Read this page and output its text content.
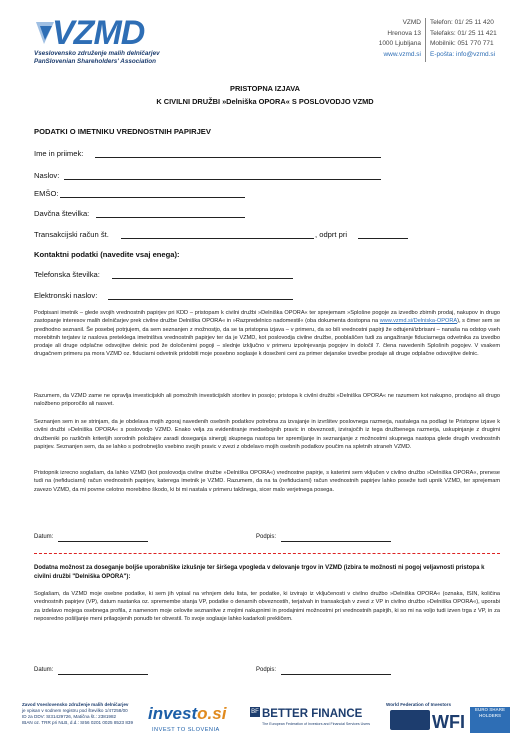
VZMD
Vseslovensko združenje malih delničarjev
PanSlovenian Shareholders' Association
VZMD
Hrenova 13
1000 Ljubljana
www.vzmd.si
Telefon: 01/ 25 11 420
Telefaks: 01/ 25 11 421
Mobilnik: 051 770 771
E-pošta: info@vzmd.si
PRISTOPNA IZJAVA
K CIVILNI DRUŽBI »Delniška OPORA« S POSLOVODJO VZMD
PODATKI O IMETNIKU VREDNOSTNIH PAPIRJEV
Ime in priimek:
Naslov:
EMŠO:
Davčna številka:
Transakcijski račun št.	, odprt pri
Kontaktni podatki (navedite vsaj enega):
Telefonska številka:
Elektronski naslov:
Podpisani imetnik – glede svojih vrednostnih papirjev pri KDD – pristopam k civilni družbi »Delniška OPORA« ter sprejemam »Splošne pogoje za izvedbo zbirnih prodaj, nakupov in drugo zastopanje interesov malih delničarjev prek civilne družbe Delniška OPORA« in »Razpredelnico nadomestil« (oba dokumenta dostopna na www.vzmd.si/Delniska-OPORA), s čimer sem se predhodno seznanil. Še posebej potrjujem, da sem seznanjen z možnostjo, da se ta pristopna izjava – v primeru, da so bili vrednostni papirji že odtujeni/izbrisani – nanaša na odstop vseh morebitnih terjatev iz naslova preteklega imetništva vrednostnih papirjev ter da je VZMD, kot poslovodja civilne družbe, pooblaščen tudi za angažiranje fiduciarnega odvetnika za izvedbo prodaje ali druge odplačne odsvojitve delnic pod že določenimi pogoji – slednje izključno v primeru izpolnjevanja pogojev in določil 7. člena navedenih Splošnih pogojev. V vsakem drugačnem primeru pa mora VZMD oz. fiduciarni odvetnik pridobiti moje posebno soglasje k doseženi ceni za primer dejanske izvedbe prodaje ali druge odplačne odsvojitve delnic.
Razumem, da VZMD zame ne opravlja investicijskih ali pomožnih investicijskih storitev in posojo; pristopa k civilni družbi »Delniška OPORA« ne razumem kot nakupno, prodajno ali drugo naložbeno priporočilo ali nasvet.
Seznanjen sem in se strinjam, da je obdelava mojih zgoraj navedenih osebnih podatkov potrebna za izvajanje in izvršitev poslovnega razmerja, nastalega na podlagi te Pristopne izjave k civilni družbi »Delniška OPORA« s poslovodjo VZMD. Enako velja za evidentiranje medsebojnih pravic in obveznosti, izvirajočih iz tega družbenega razmerja, uskupinjanje z drugimi družbeniki po različnih kriterijih sorodnih položajev zaradi doseganja sinergij skupnega nastopa ter spremljanje in seznanjanje z možnostmi skupnega nastopa glede drugih vrednostnih papirjev. Seznanjen sem, da se lahko s podrobnejšo vsebino svojih pravic v zvezi z obdelavo mojih osebnih podatkov poučim na spletnih straneh VZMD.
Pristopnik izrecno soglašam, da lahko VZMD (kot poslovodja civilne družbe »Delniška OPORA«) vrednostne papirje, s katerimi sem vključen v civilno družbo »Delniška OPORA«, prenese tudi na (nefiduciarni) račun vrednostnih papirjev, katerega imetnik je VZMD. Razumem, da na ta (nefiduciarni) račun vrednostnih papirjev lahko poseže tudi upnik VZMD, ter sprejemam zavezo VZMD, da mi povrne celotno morebitno škodo, ki bi mi nastala v primeru takšnega, sicer malo verjetnega posega.
Datum:	Podpis:
Dodatna možnost za doseganje boljše uporabniške izkušnje ter širšega vpogleda v delovanje trgov in VZMD (izbira te možnosti ni pogoj veljavnosti pristopa k civilni družbi "Delniška OPORA"):
Soglašam, da VZMD moje osebne podatke, ki sem jih vpisal na vrhnjem delu lista, ter podatke, ki izvirajo iz vključenosti v civilno družbo »Delniška OPORA« (oznaka, ISIN, količina vrednostnih papirjev (VP), datum nastanka oz. spremembe stanja VP, podatke o denarnih obveznostih, terjatvah in transakcijah v zvezi z VP in civilno družbo »Delniška OPORA«), uporabi za izdelavo mojega osebnega profila, z namenom moje celovite seznanitve z mojimi nakupnimi in prodajnimi možnostmi pri vrednostnih papirjih, ki so mi na voljo tudi izven trga z VP, in za neposredno pošiljanje meni prilagojenih ponudb ter obvestil. To svoje soglasje lahko kadarkoli prekličem.
Datum:	Podpis:
Zavod Vseslovensko združenje malih delničarjev
je vpisan v sodnem registru pod številko 1/47258/00
ID za DDV: SI31429726, Matična št.: 2381982
IBAN oz. TRR pri NLB, d.d.: SI56 0201 0025 8523 839 investo.si
INVEST TO SLOVENIA
BF BETTER FINANCE
The European Federation of Investors and Financial Services Users
World Federation of Investors
WFI
EURO SHARE HOLDERS
